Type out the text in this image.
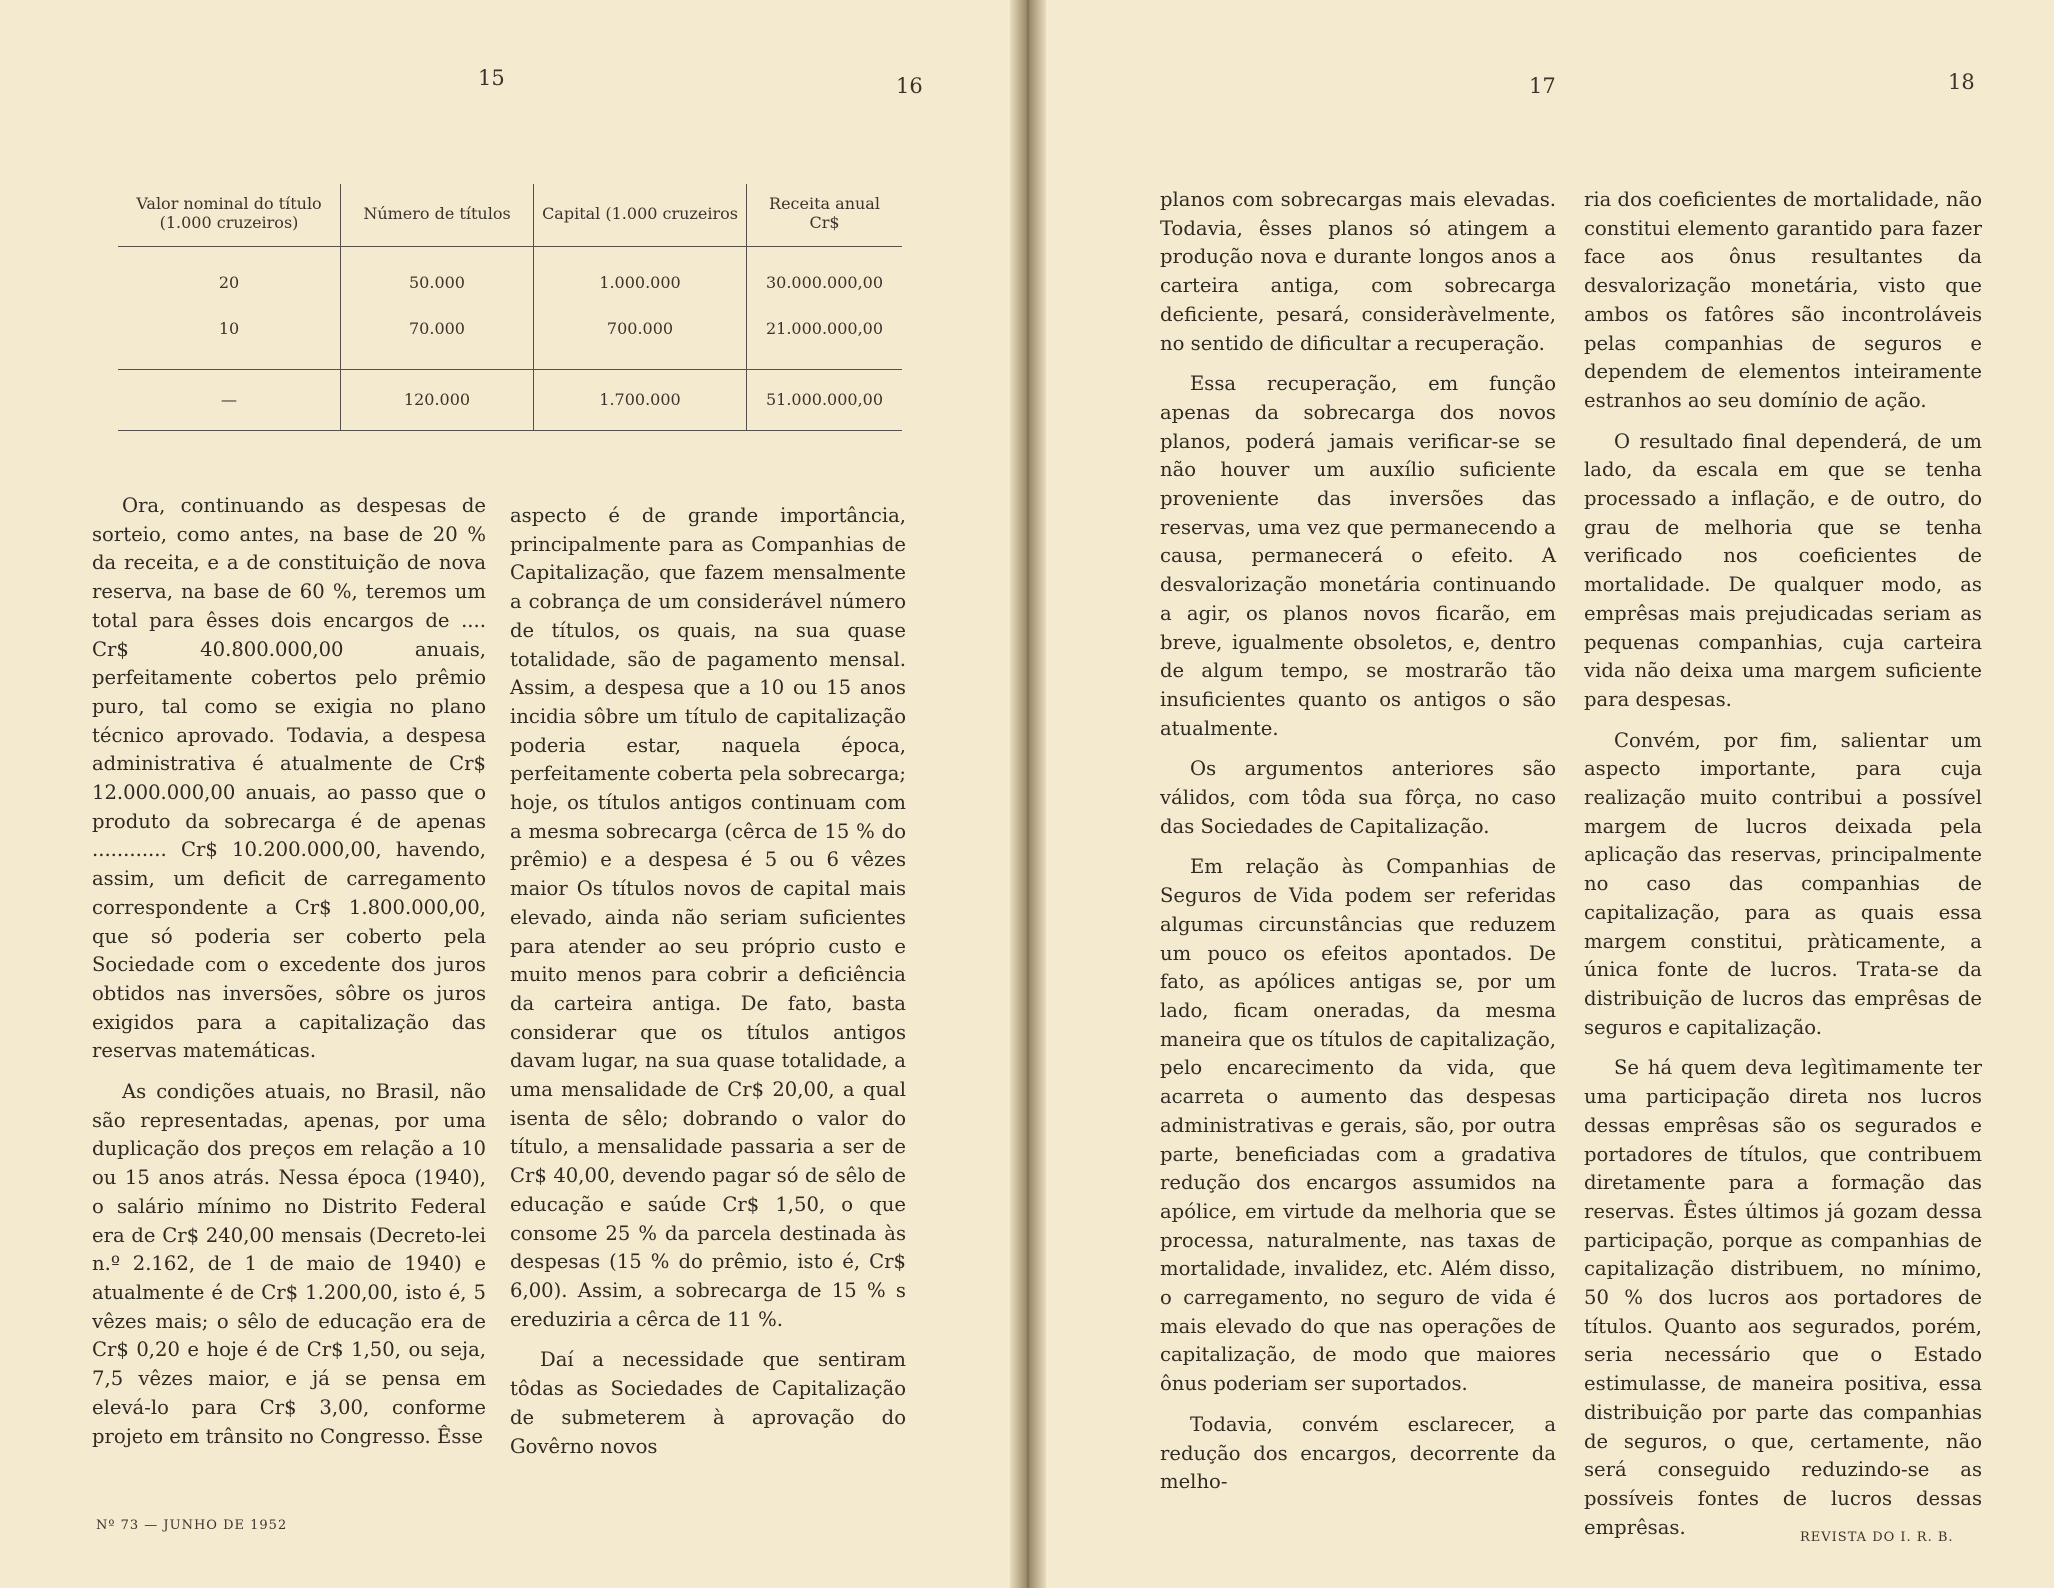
15	16	17	18
Valor nominal do título (1.000 cruzeiros)	Número de títulos	Capital (1.000 cruzeiros	Receita anual Cr$
20	50.000	1.000.000	30.000.000,00
10	70.000	700.000	21.000.000,00
—	120.000	1.700.000	51.000.000,00

Ora, continuando as despesas de sorteio, como antes, na base de 20 % da receita, e a de constituição de nova reserva, na base de 60 %, teremos um total para êsses dois encargos de .... Cr$ 40.800.000,00 anuais, perfeitamente cobertos pelo prêmio puro, tal como se exigia no plano técnico aprovado. Todavia, a despesa administrativa é atualmente de Cr$ 12.000.000,00 anuais, ao passo que o produto da sobrecarga é de apenas ............ Cr$ 10.200.000,00, havendo, assim, um deficit de carregamento correspondente a Cr$ 1.800.000,00, que só poderia ser coberto pela Sociedade com o excedente dos juros obtidos nas inversões, sôbre os juros exigidos para a capitalização das reservas matemáticas.

As condições atuais, no Brasil, não são representadas, apenas, por uma duplicação dos preços em relação a 10 ou 15 anos atrás. Nessa época (1940), o salário mínimo no Distrito Federal era de Cr$ 240,00 mensais (Decreto-lei n.º 2.162, de 1 de maio de 1940) e atualmente é de Cr$ 1.200,00, isto é, 5 vêzes mais; o sêlo de educação era de Cr$ 0,20 e hoje é de Cr$ 1,50, ou seja, 7,5 vêzes maior, e já se pensa em elevá-lo para Cr$ 3,00, conforme projeto em trânsito no Congresso. Êsse

aspecto é de grande importância, principalmente para as Companhias de Capitalização, que fazem mensalmente a cobrança de um considerável número de títulos, os quais, na sua quase totalidade, são de pagamento mensal. Assim, a despesa que a 10 ou 15 anos incidia sôbre um título de capitalização poderia estar, naquela época, perfeitamente coberta pela sobrecarga; hoje, os títulos antigos continuam com a mesma sobrecarga (cêrca de 15 % do prêmio) e a despesa é 5 ou 6 vêzes maior Os títulos novos de capital mais elevado, ainda não seriam suficientes para atender ao seu próprio custo e muito menos para cobrir a deficiência da carteira antiga. De fato, basta considerar que os títulos antigos davam lugar, na sua quase totalidade, a uma mensalidade de Cr$ 20,00, a qual isenta de sêlo; dobrando o valor do título, a mensalidade passaria a ser de Cr$ 40,00, devendo pagar só de sêlo de educação e saúde Cr$ 1,50, o que consome 25 % da parcela destinada às despesas (15 % do prêmio, isto é, Cr$ 6,00). Assim, a sobrecarga de 15 % s ereduziria a cêrca de 11 %.

Daí a necessidade que sentiram tôdas as Sociedades de Capitalização de submeterem à aprovação do Govêrno novos

planos com sobrecargas mais elevadas. Todavia, êsses planos só atingem a produção nova e durante longos anos a carteira antiga, com sobrecarga deficiente, pesará, consideràvelmente, no sentido de dificultar a recuperação.

Essa recuperação, em função apenas da sobrecarga dos novos planos, poderá jamais verificar-se se não houver um auxílio suficiente proveniente das inversões das reservas, uma vez que permanecendo a causa, permanecerá o efeito. A desvalorização monetária continuando a agir, os planos novos ficarão, em breve, igualmente obsoletos, e, dentro de algum tempo, se mostrarão tão insuficientes quanto os antigos o são atualmente.

Os argumentos anteriores são válidos, com tôda sua fôrça, no caso das Sociedades de Capitalização.

Em relação às Companhias de Seguros de Vida podem ser referidas algumas circunstâncias que reduzem um pouco os efeitos apontados. De fato, as apólices antigas se, por um lado, ficam oneradas, da mesma maneira que os títulos de capitalização, pelo encarecimento da vida, que acarreta o aumento das despesas administrativas e gerais, são, por outra parte, beneficiadas com a gradativa redução dos encargos assumidos na apólice, em virtude da melhoria que se processa, naturalmente, nas taxas de mortalidade, invalidez, etc. Além disso, o carregamento, no seguro de vida é mais elevado do que nas operações de capitalização, de modo que maiores ônus poderiam ser suportados.

Todavia, convém esclarecer, a redução dos encargos, decorrente da melho-

ria dos coeficientes de mortalidade, não constitui elemento garantido para fazer face aos ônus resultantes da desvalorização monetária, visto que ambos os fatôres são incontroláveis pelas companhias de seguros e dependem de elementos inteiramente estranhos ao seu domínio de ação.

O resultado final dependerá, de um lado, da escala em que se tenha processado a inflação, e de outro, do grau de melhoria que se tenha verificado nos coeficientes de mortalidade. De qualquer modo, as emprêsas mais prejudicadas seriam as pequenas companhias, cuja carteira vida não deixa uma margem suficiente para despesas.

Convém, por fim, salientar um aspecto importante, para cuja realização muito contribui a possível margem de lucros deixada pela aplicação das reservas, principalmente no caso das companhias de capitalização, para as quais essa margem constitui, pràticamente, a única fonte de lucros. Trata-se da distribuição de lucros das emprêsas de seguros e capitalização.

Se há quem deva legìtimamente ter uma participação direta nos lucros dessas emprêsas são os segurados e portadores de títulos, que contribuem diretamente para a formação das reservas. Êstes últimos já gozam dessa participação, porque as companhias de capitalização distribuem, no mínimo, 50 % dos lucros aos portadores de títulos. Quanto aos segurados, porém, seria necessário que o Estado estimulasse, de maneira positiva, essa distribuição por parte das companhias de seguros, o que, certamente, não será conseguido reduzindo-se as possíveis fontes de lucros dessas emprêsas.

Nº 73 — JUNHO DE 1952
REVISTA DO I. R. B.
